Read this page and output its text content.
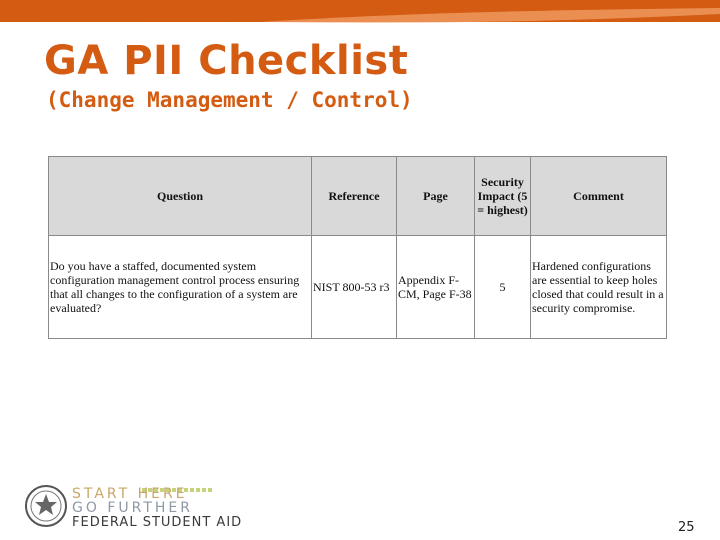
GA PII Checklist
(Change Management / Control)
Question	Reference	Page	Security Impact (5 = highest)	Comment
Do you have a staffed, documented system configuration management control process ensuring that all changes to the configuration of a system are evaluated?	NIST 800-53 r3	Appendix F-CM, Page F-38	5	Hardened configurations are essential to keep holes closed that could result in a security compromise.
START HERE
GO FURTHER
FEDERAL STUDENT AID	25
